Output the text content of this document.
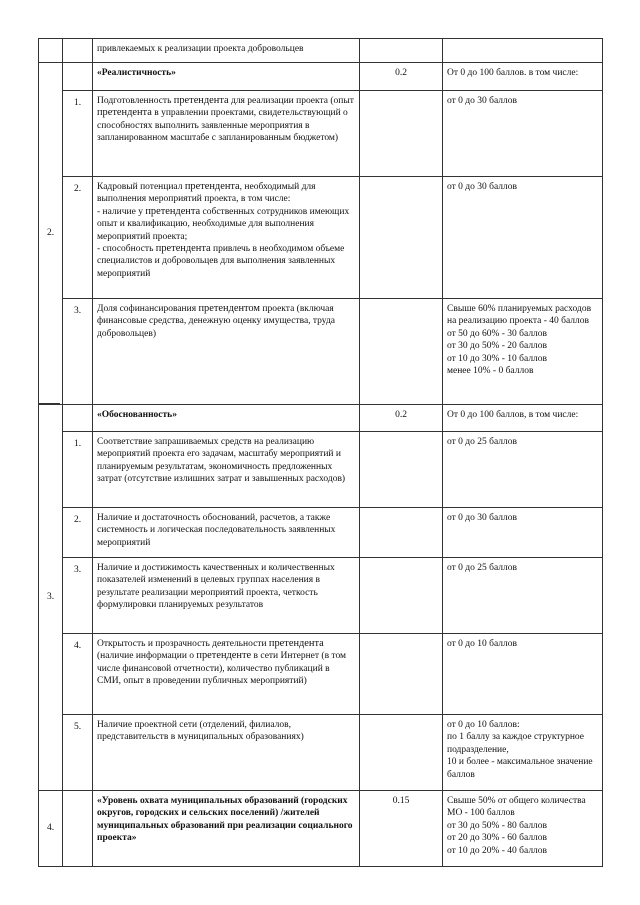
		привлекаемых к реализации проекта добровольцев		
2.		«Реалистичность»	0.2	От 0 до 100 баллов. в том числе:
	1.	Подготовленность претендента для реализации проекта (опыт претендента в управлении проектами, свидетельствующий о способностях выполнить заявленные мероприятия в запланированном масштабе с запланированным бюджетом)		от 0 до 30 баллов
	2.	Кадровый потенциал претендента, необходимый для выполнения мероприятий проекта, в том числе:
- наличие у претендента собственных сотрудников имеющих опыт и квалификацию, необходимые для выполнения мероприятий проекта;
- способность претендента привлечь в необходимом объеме специалистов и добровольцев для выполнения заявленных мероприятий		от 0 до 30 баллов
	3.	Доля софинансирования претендентом проекта (включая финансовые средства, денежную оценку имущества, труда добровольцев)		Свыше 60% планируемых расходов на реализацию проекта - 40 баллов
от 50 до 60% - 30 баллов
от 30 до 50% - 20 баллов
от 10 до 30% - 10 баллов
менее 10% - 0 баллов

3.		«Обоснованность»	0.2	От 0 до 100 баллов, в том числе:
	1.	Соответствие запрашиваемых средств на реализацию мероприятий проекта его задачам, масштабу мероприятий и планируемым результатам, экономичность предложенных затрат (отсутствие излишних затрат и завышенных расходов)		от 0 до 25 баллов
	2.	Наличие и достаточность обоснований, расчетов, а также системность и логическая последовательность заявленных мероприятий		от 0 до 30 баллов
	3.	Наличие и достижимость качественных и количественных показателей изменений в целевых группах населения в результате реализации мероприятий проекта, четкость формулировки планируемых результатов		от 0 до 25 баллов
	4.	Открытость и прозрачность деятельности претендента (наличие информации о претенденте в сети Интернет (в том числе финансовой отчетности), количество публикаций в СМИ, опыт в проведении публичных мероприятий)		от 0 до 10 баллов
	5.	Наличие проектной сети (отделений, филиалов, представительств в муниципальных образованиях)		от 0 до 10 баллов:
по 1 баллу за каждое структурное подразделение,
10 и более - максимальное значение баллов

4.		«Уровень охвата муниципальных образований (городских округов, городских и сельских поселений) /жителей муниципальных образований при реализации социального проекта»	0.15	Свыше 50% от общего количества МО - 100 баллов
от 30 до 50% - 80 баллов
от 20 до 30% - 60 баллов
от 10 до 20% - 40 баллов
